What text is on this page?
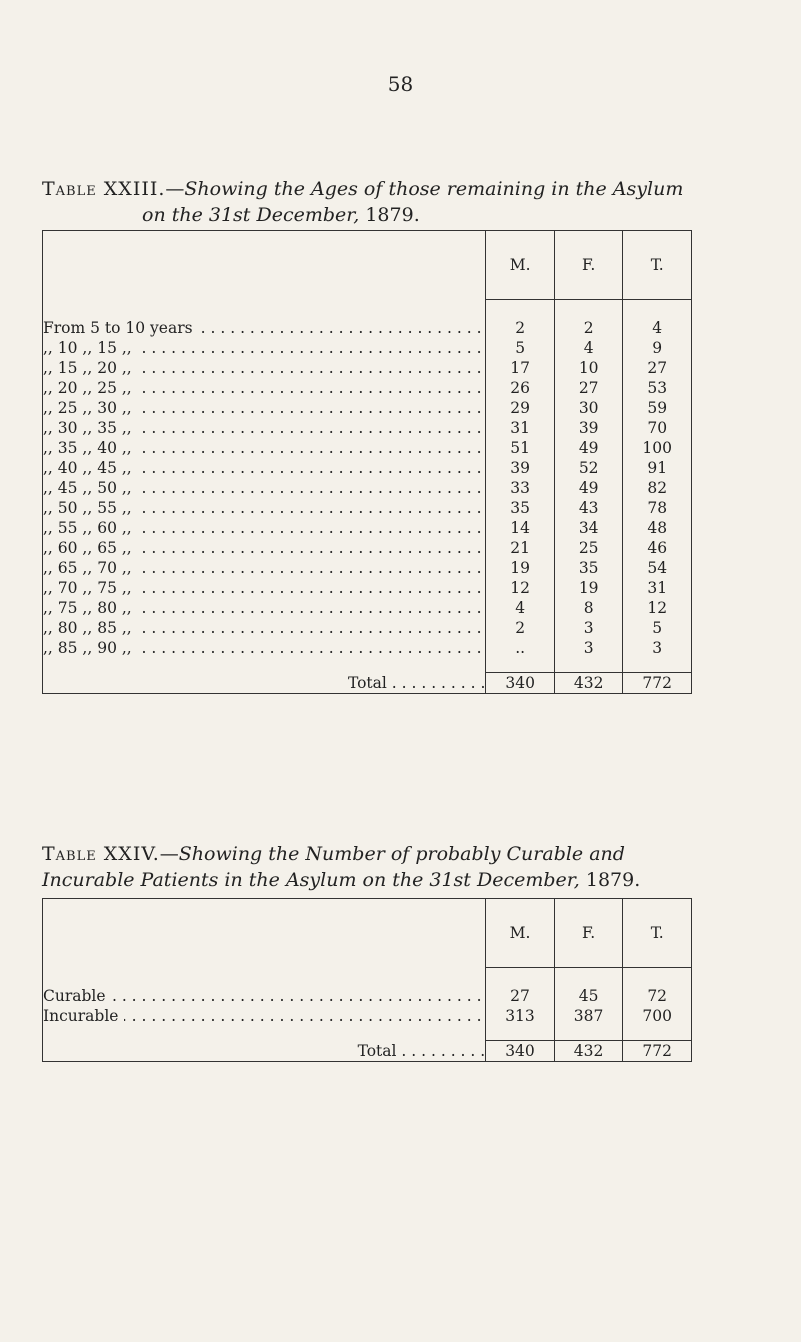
58
Table XXIII.—Showing the Ages of those remaining in the Asylum
on the 31st December, 1879.
	M.	F.	T.

From 5 to 10 years . . .	2	2	4

,, 10 ,, 15 ,, . . .	5	4	9

,, 15 ,, 20 ,, . . .	17	10	27

,, 20 ,, 25 ,, . . .	26	27	53

,, 25 ,, 30 ,, . . .	29	30	59

,, 30 ,, 35 ,, . . .	31	39	70

,, 35 ,, 40 ,, . . .	51	49	100

,, 40 ,, 45 ,, . . .	39	52	91

,, 45 ,, 50 ,, . . .	33	49	82

,, 50 ,, 55 ,, . . .	35	43	78

,, 55 ,, 60 ,, . . .	14	34	48

,, 60 ,, 65 ,, . . .	21	25	46

,, 65 ,, 70 ,, . . .	19	35	54

,, 70 ,, 75 ,, . . .	12	19	31

,, 75 ,, 80 ,, . . .	4	8	12

,, 80 ,, 85 ,, . . .	2	3	5

,, 85 ,, 90 ,, . . .	..	3	3
Total . . . . . . . . . .	340	432	772
Table XXIV.—Showing the Number of probably Curable and
Incurable Patients in the Asylum on the 31st December, 1879.
	M.	F.	T.

Curable . . .	27	45	72

Incurable . . .	313	387	700
Total . . . . . . . . .	340	432	772
